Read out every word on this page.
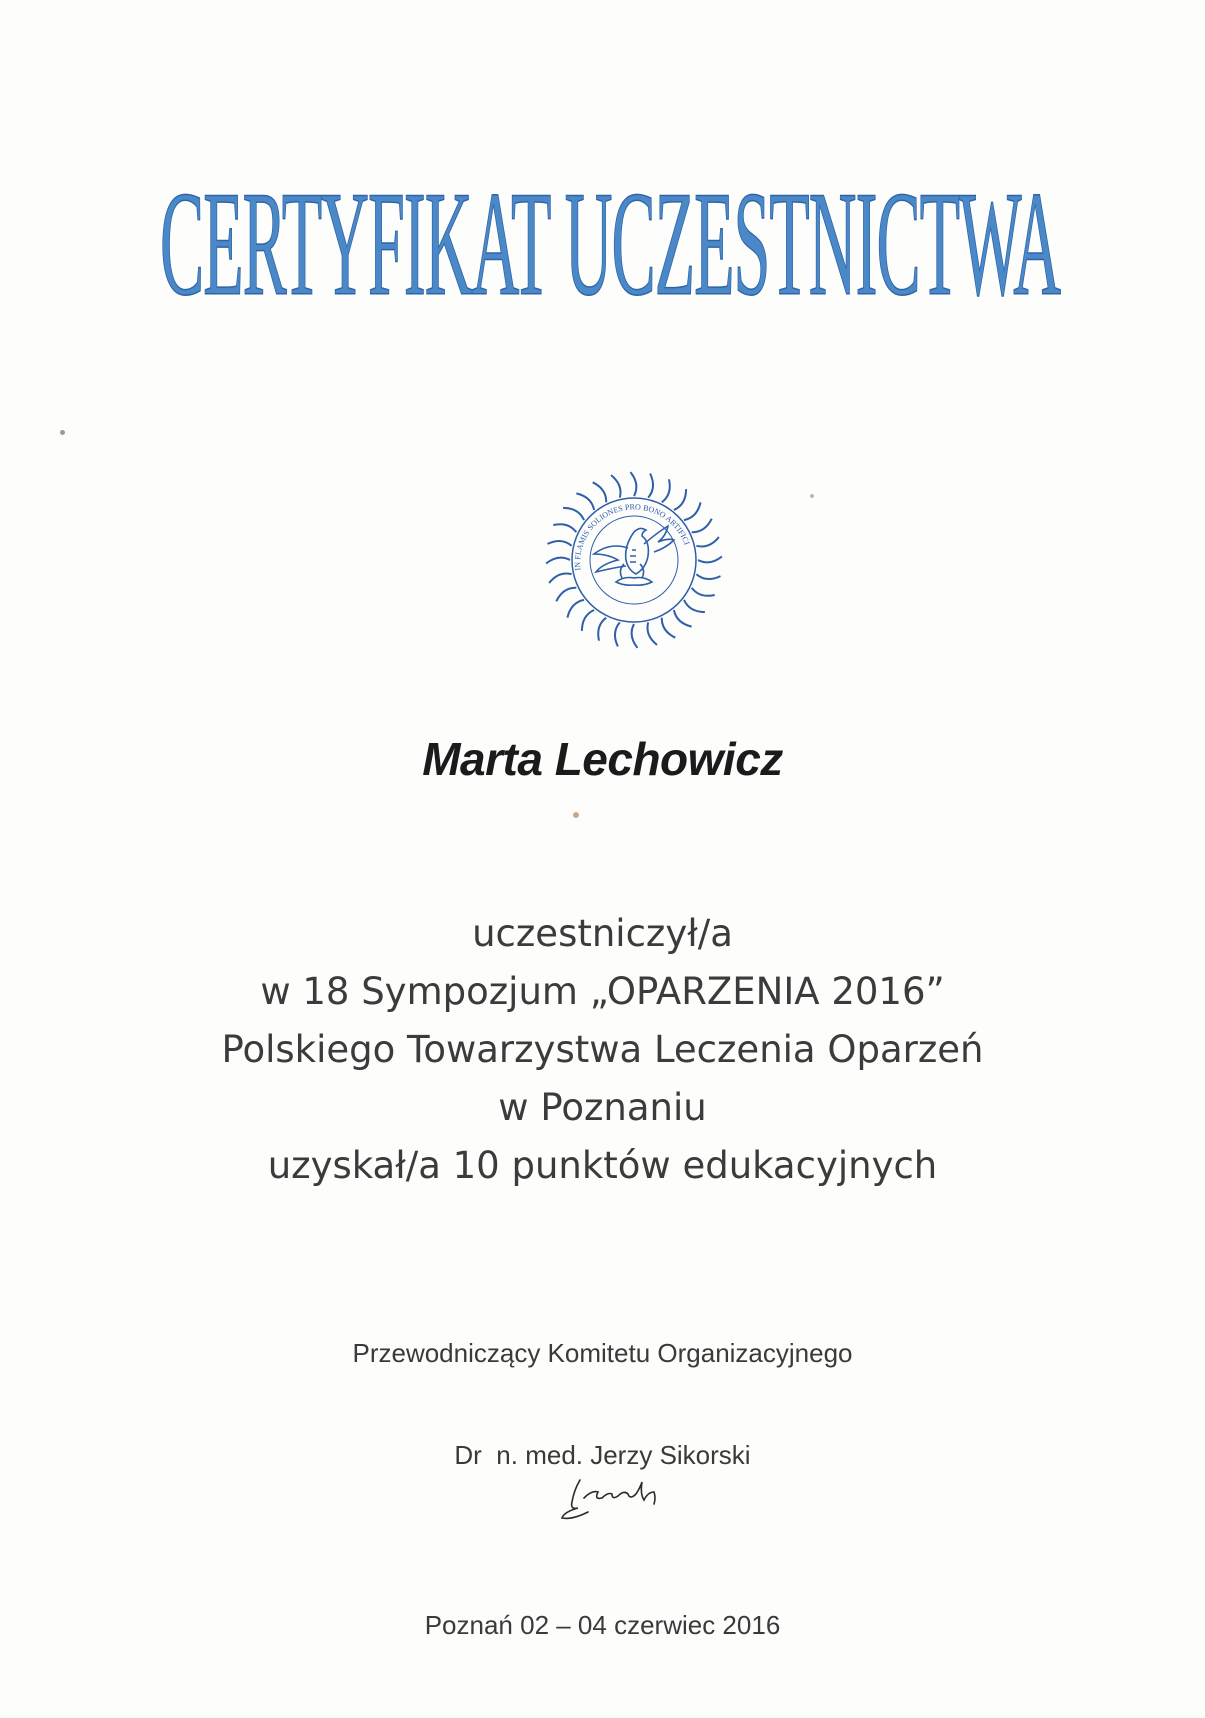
CERTYFIKAT UCZESTNICTWA
IN FLAMIS SOLIONES PRO BONO ARTIFICI
Marta Lechowicz
uczestniczył/a
w 18 Sympozjum „OPARZENIA 2016”
Polskiego Towarzystwa Leczenia Oparzeń
w Poznaniu
uzyskał/a 10 punktów edukacyjnych
Przewodniczący Komitetu Organizacyjnego
Dr  n. med. Jerzy Sikorski
Poznań 02 – 04 czerwiec 2016
